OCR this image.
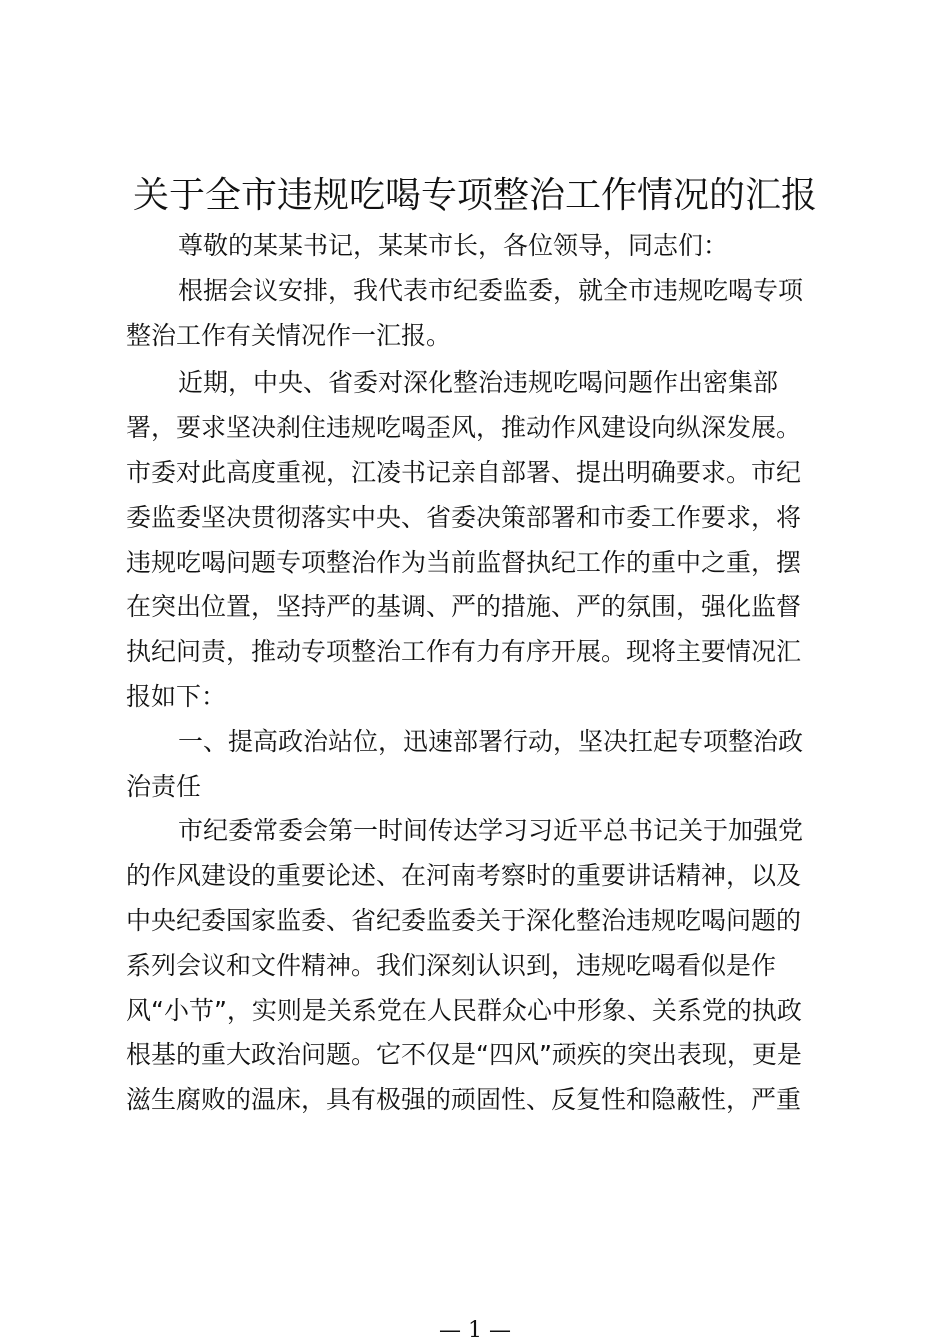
关于全市违规吃喝专项整治工作情况的汇报
尊敬的某某书记，某某市长，各位领导，同志们：
根据会议安排，我代表市纪委监委，就全市违规吃喝专项
整治工作有关情况作一汇报。
近期，中央、省委对深化整治违规吃喝问题作出密集部
署，要求坚决刹住违规吃喝歪风，推动作风建设向纵深发展。
市委对此高度重视，江凌书记亲自部署、提出明确要求。市纪
委监委坚决贯彻落实中央、省委决策部署和市委工作要求，将
违规吃喝问题专项整治作为当前监督执纪工作的重中之重，摆
在突出位置，坚持严的基调、严的措施、严的氛围，强化监督
执纪问责，推动专项整治工作有力有序开展。现将主要情况汇
报如下：
一、提高政治站位，迅速部署行动，坚决扛起专项整治政
治责任
市纪委常委会第一时间传达学习习近平总书记关于加强党
的作风建设的重要论述、在河南考察时的重要讲话精神，以及
中央纪委国家监委、省纪委监委关于深化整治违规吃喝问题的
系列会议和文件精神。我们深刻认识到，违规吃喝看似是作
风“小节”，实则是关系党在人民群众心中形象、关系党的执政
根基的重大政治问题。它不仅是“四风”顽疾的突出表现，更是
滋生腐败的温床，具有极强的顽固性、反复性和隐蔽性，严重
— 1 —
